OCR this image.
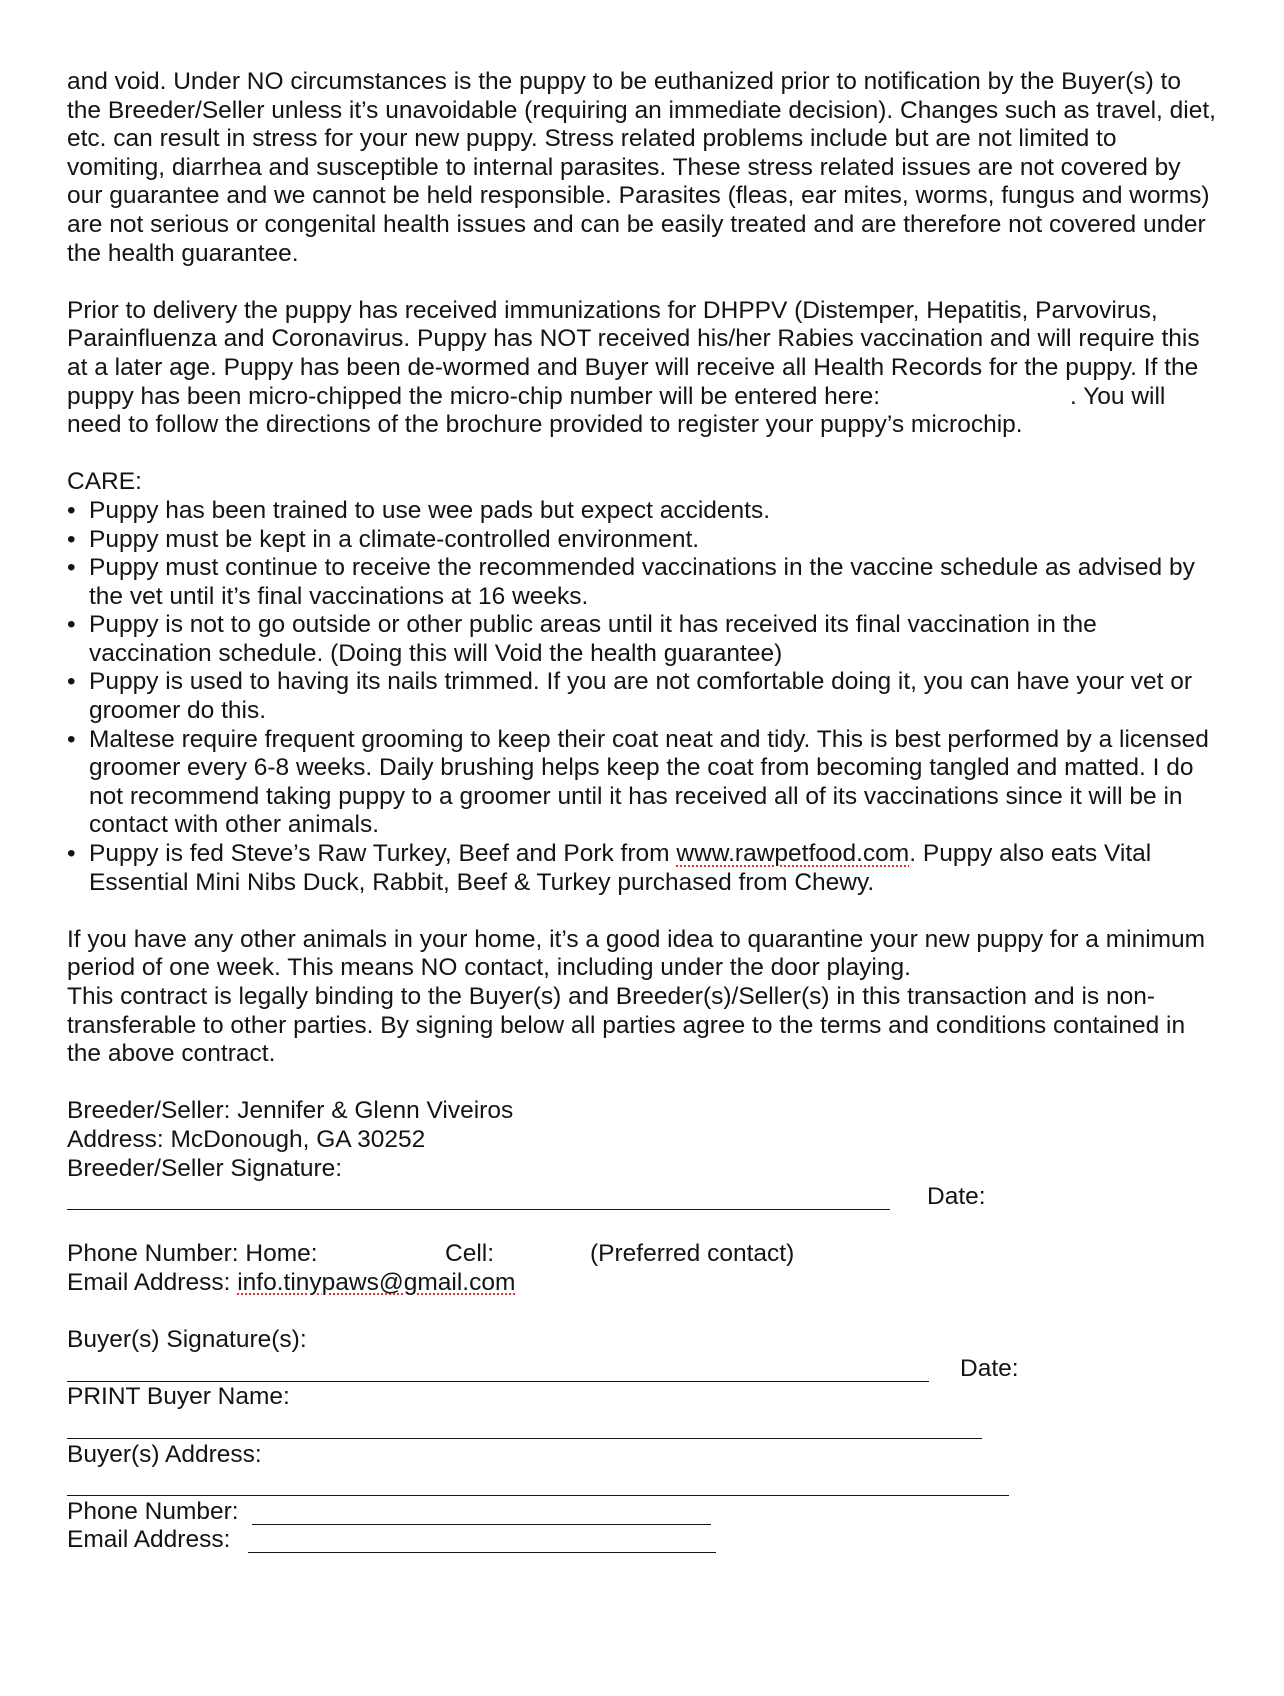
and void. Under NO circumstances is the puppy to be euthanized prior to notification by the Buyer(s) to the Breeder/Seller unless it’s unavoidable (requiring an immediate decision). Changes such as travel, diet, etc. can result in stress for your new puppy. Stress related problems include but are not limited to vomiting, diarrhea and susceptible to internal parasites. These stress related issues are not covered by our guarantee and we cannot be held responsible. Parasites (fleas, ear mites, worms, fungus and worms) are not serious or congenital health issues and can be easily treated and are therefore not covered under the health guarantee.

Prior to delivery the puppy has received immunizations for DHPPV (Distemper, Hepatitis, Parvovirus, Parainfluenza and Coronavirus. Puppy has NOT received his/her Rabies vaccination and will require this at a later age. Puppy has been de-wormed and Buyer will receive all Health Records for the puppy. If the puppy has been micro-chipped the micro-chip number will be entered here:	. You will need to follow the directions of the brochure provided to register your puppy’s microchip.

CARE:

• Puppy has been trained to use wee pads but expect accidents.
• Puppy must be kept in a climate-controlled environment.
• Puppy must continue to receive the recommended vaccinations in the vaccine schedule as advised by the vet until it’s final vaccinations at 16 weeks.
• Puppy is not to go outside or other public areas until it has received its final vaccination in the vaccination schedule. (Doing this will Void the health guarantee)
• Puppy is used to having its nails trimmed. If you are not comfortable doing it, you can have your vet or groomer do this.
• Maltese require frequent grooming to keep their coat neat and tidy. This is best performed by a licensed groomer every 6-8 weeks. Daily brushing helps keep the coat from becoming tangled and matted. I do not recommend taking puppy to a groomer until it has received all of its vaccinations since it will be in contact with other animals.
• Puppy is fed Steve’s Raw Turkey, Beef and Pork from www.rawpetfood.com. Puppy also eats Vital Essential Mini Nibs Duck, Rabbit, Beef & Turkey purchased from Chewy.

If you have any other animals in your home, it’s a good idea to quarantine your new puppy for a minimum period of one week. This means NO contact, including under the door playing.

This contract is legally binding to the Buyer(s) and Breeder(s)/Seller(s) in this transaction and is non-transferable to other parties. By signing below all parties agree to the terms and conditions contained in the above contract.

Breeder/Seller: Jennifer & Glenn Viveiros

Address: McDonough, GA 30252

Breeder/Seller Signature:

Date:
Phone Number: Home:	Cell:	(Preferred contact)

Email Address: info.tinypaws@gmail.com

Buyer(s) Signature(s):

Date:

PRINT Buyer Name:

Buyer(s) Address:

Phone Number:
Email Address:
